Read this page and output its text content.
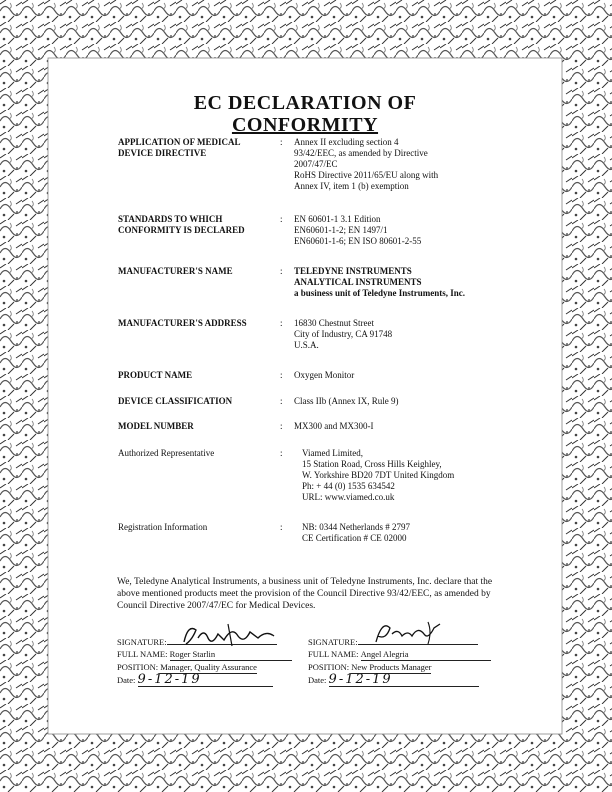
EC DECLARATION OF
CONFORMITY
APPLICATION OF MEDICAL
DEVICE DIRECTIVE
: Annex II excluding section 4
93/42/EEC, as amended by Directive
2007/47/EC
RoHS Directive 2011/65/EU along with
Annex IV, item 1 (b) exemption
STANDARDS TO WHICH
CONFORMITY IS DECLARED
: EN 60601-1 3.1 Edition
EN60601-1-2; EN 1497/1
EN60601-1-6; EN ISO 80601-2-55
MANUFACTURER'S NAME	: TELEDYNE INSTRUMENTS
ANALYTICAL INSTRUMENTS
a business unit of Teledyne Instruments, Inc.
MANUFACTURER'S ADDRESS	: 16830 Chestnut Street
City of Industry, CA 91748
U.S.A.
PRODUCT NAME	: Oxygen Monitor
DEVICE CLASSIFICATION	: Class IIb (Annex IX, Rule 9)
MODEL NUMBER	: MX300 and MX300-I
Authorized Representative	: Viamed Limited,
15 Station Road, Cross Hills Keighley,
W. Yorkshire BD20 7DT United Kingdom
Ph: + 44 (0) 1535 634542
URL: www.viamed.co.uk
Registration Information	: NB: 0344 Netherlands # 2797
CE Certification # CE 02000
We, Teledyne Analytical Instruments, a business unit of Teledyne Instruments, Inc. declare that the above mentioned products meet the provision of the Council Directive 93/42/EEC, as amended by Council Directive 2007/47/EC for Medical Devices.
SIGNATURE:
FULL NAME: Roger Starlin
POSITION: Manager, Quality Assurance
Date: 9-12-19
SIGNATURE:
FULL NAME: Angel Alegria
POSITION: New Products Manager
Date: 9-12-19
